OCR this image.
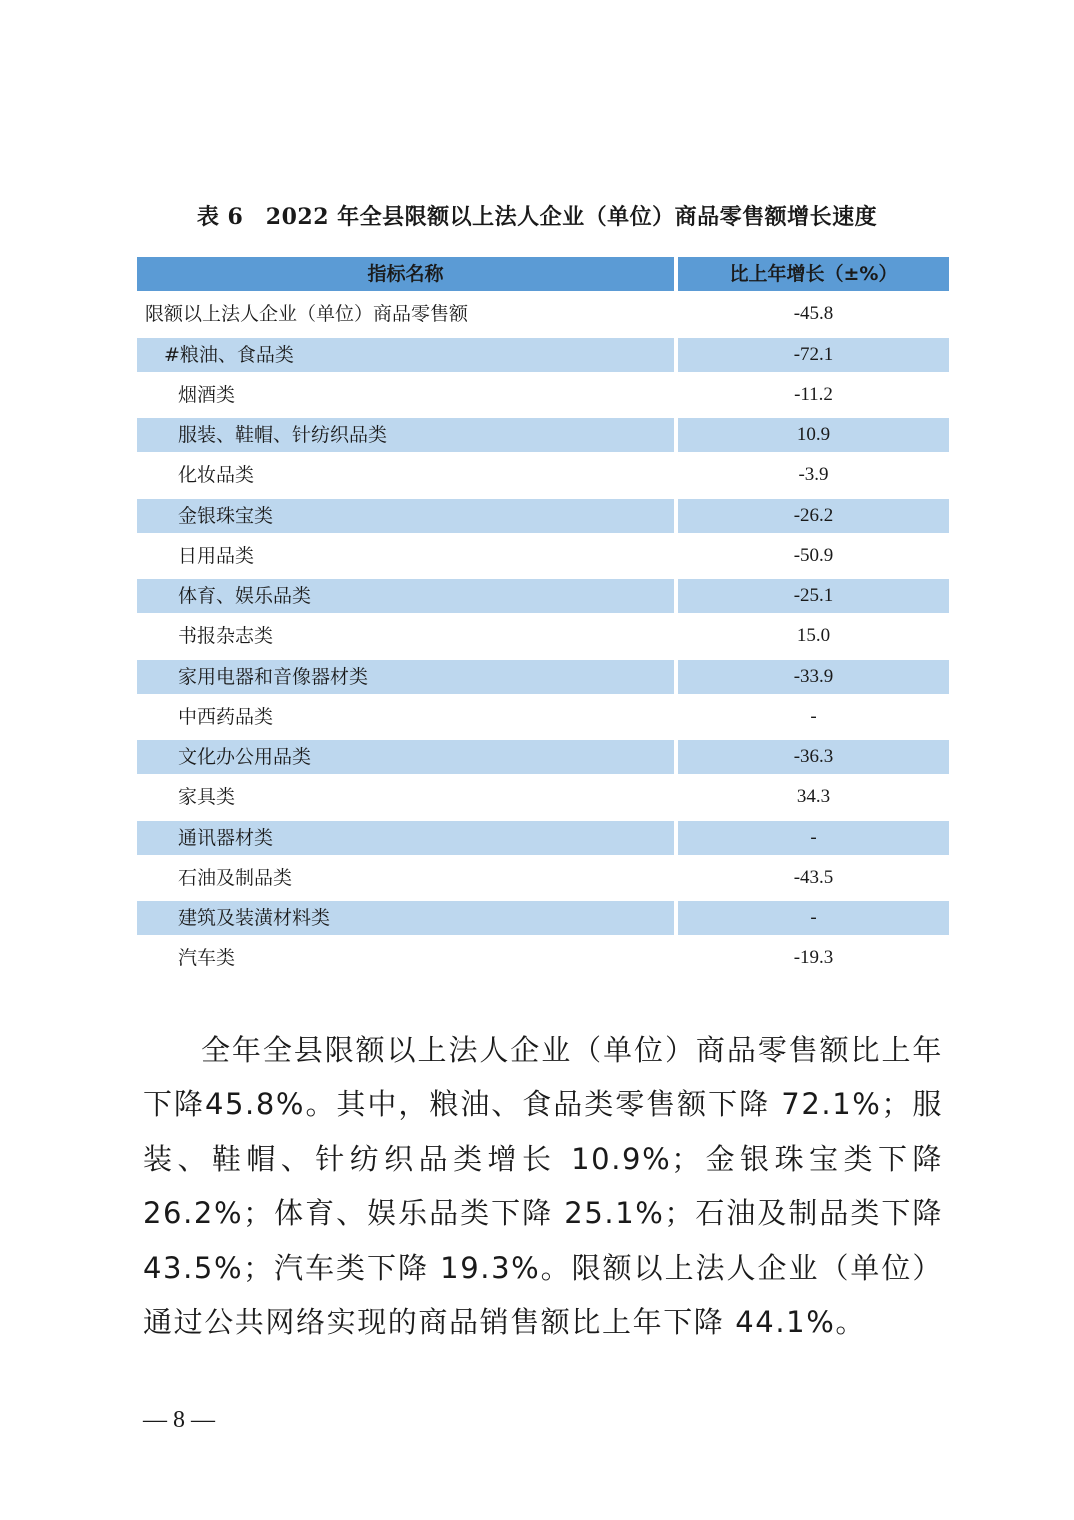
表 6　2022 年全县限额以上法人企业（单位）商品零售额增长速度
指标名称	比上年增长（±%）
限额以上法人企业（单位）商品零售额	-45.8
#粮油、食品类	-72.1
烟酒类	-11.2
服装、鞋帽、针纺织品类	10.9
化妆品类	-3.9
金银珠宝类	-26.2
日用品类	-50.9
体育、娱乐品类	-25.1
书报杂志类	15.0
家用电器和音像器材类	-33.9
中西药品类	-
文化办公用品类	-36.3
家具类	34.3
通讯器材类	-
石油及制品类	-43.5
建筑及装潢材料类	-
汽车类	-19.3

全年全县限额以上法人企业（单位）商品零售额比上年下降45.8%。其中，粮油、食品类零售额下降 72.1%；服装、鞋帽、针纺织品类增长 10.9%；金银珠宝类下降 26.2%；体育、娱乐品类下降 25.1%；石油及制品类下降 43.5%；汽车类下降 19.3%。限额以上法人企业（单位）通过公共网络实现的商品销售额比上年下降 44.1%。

— 8 —
